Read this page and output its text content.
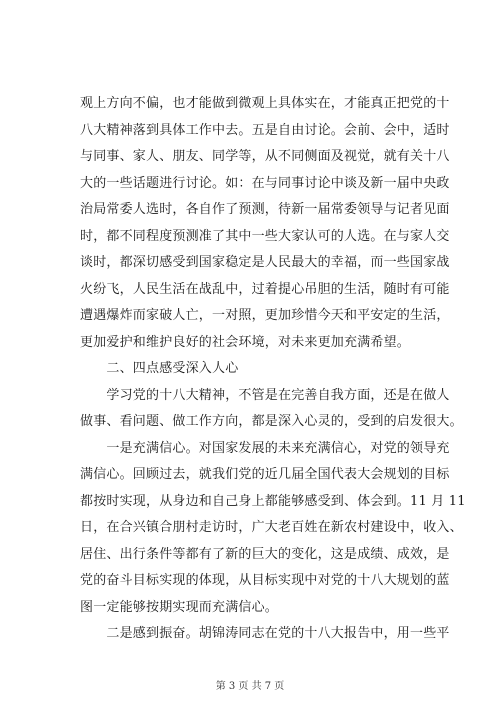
观上方向不偏，也才能做到微观上具体实在，才能真正把党的十
八大精神落到具体工作中去。五是自由讨论。会前、会中，适时
与同事、家人、朋友、同学等，从不同侧面及视觉，就有关十八
大的一些话题进行讨论。如：在与同事讨论中谈及新一届中央政
治局常委人选时，各自作了预测，待新一届常委领导与记者见面
时，都不同程度预测准了其中一些大家认可的人选。在与家人交
谈时，都深切感受到国家稳定是人民最大的幸福，而一些国家战
火纷飞，人民生活在战乱中，过着提心吊胆的生活，随时有可能
遭遇爆炸而家破人亡，一对照，更加珍惜今天和平安定的生活，
更加爱护和维护良好的社会环境，对未来更加充满希望。
　　二、四点感受深入人心
　　学习党的十八大精神，不管是在完善自我方面，还是在做人
做事、看问题、做工作方向，都是深入心灵的，受到的启发很大。
　　一是充满信心。对国家发展的未来充满信心，对党的领导充
满信心。回顾过去，就我们党的近几届全国代表大会规划的目标
都按时实现，从身边和自己身上都能够感受到、体会到。11 月 11
日，在合兴镇合朋村走访时，广大老百姓在新农村建设中，收入、
居住、出行条件等都有了新的巨大的变化，这是成绩、成效，是
党的奋斗目标实现的体现，从目标实现中对党的十八大规划的蓝
图一定能够按期实现而充满信心。
　　二是感到振奋。胡锦涛同志在党的十八大报告中，用一些平
第 3 页 共 7 页
